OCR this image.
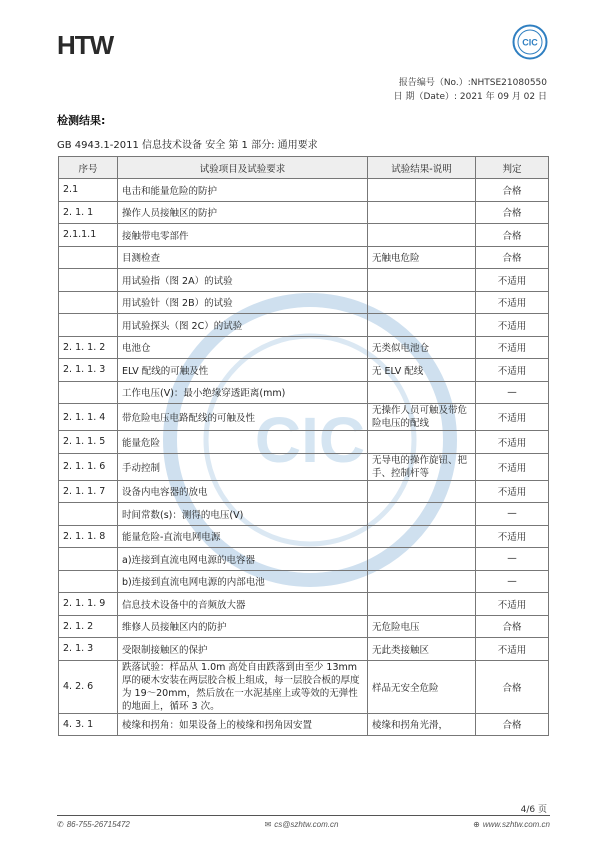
HTW	CIC
CIC
报告编号（No.）:NHTSE21080550
日 期（Date）: 2021 年 09 月 02 日
检测结果:
GB 4943.1-2011 信息技术设备 安全 第 1 部分: 通用要求
序号	试验项目及试验要求	试验结果-说明	判定
2.1	电击和能量危险的防护		合格
2. 1. 1	操作人员接触区的防护		合格
2.1.1.1	接触带电零部件		合格
	目测检查	无触电危险	合格
	用试验指（图 2A）的试验		不适用
	用试验针（图 2B）的试验		不适用
	用试验探头（图 2C）的试验		不适用
2. 1. 1. 2	电池仓	无类似电池仓	不适用
2. 1. 1. 3	ELV 配线的可触及性	无 ELV 配线	不适用
	工作电压(V)：最小绝缘穿透距离(mm)		—
2. 1. 1. 4	带危险电压电路配线的可触及性	无操作人员可触及带危险电压的配线	不适用
2. 1. 1. 5	能量危险		不适用
2. 1. 1. 6	手动控制	无导电的操作旋钮、把手、控制杆等	不适用
2. 1. 1. 7	设备内电容器的放电		不适用
	时间常数(s)：测得的电压(V)		—
2. 1. 1. 8	能量危险-直流电网电源		不适用
	a)连接到直流电网电源的电容器		—
	b)连接到直流电网电源的内部电池		—
2. 1. 1. 9	信息技术设备中的音频放大器		不适用
2. 1. 2	维修人员接触区内的防护	无危险电压	合格
2. 1. 3	受限制接触区的保护	无此类接触区	不适用
4. 2. 6	跌落试验：样品从 1.0m 高处自由跌落到由至少 13mm 厚的硬木安装在两层胶合板上组成，每一层胶合板的厚度为 19～20mm，然后放在一水泥基座上或等效的无弹性的地面上，循环 3 次。	样品无安全危险	合格
4. 3. 1	棱缘和拐角：如果设备上的棱缘和拐角因安置	棱缘和拐角光滑，	合格
4/6 页
✆ 86-755-26715472	✉ cs@szhtw.com.cn	⊕ www.szhtw.com.cn
